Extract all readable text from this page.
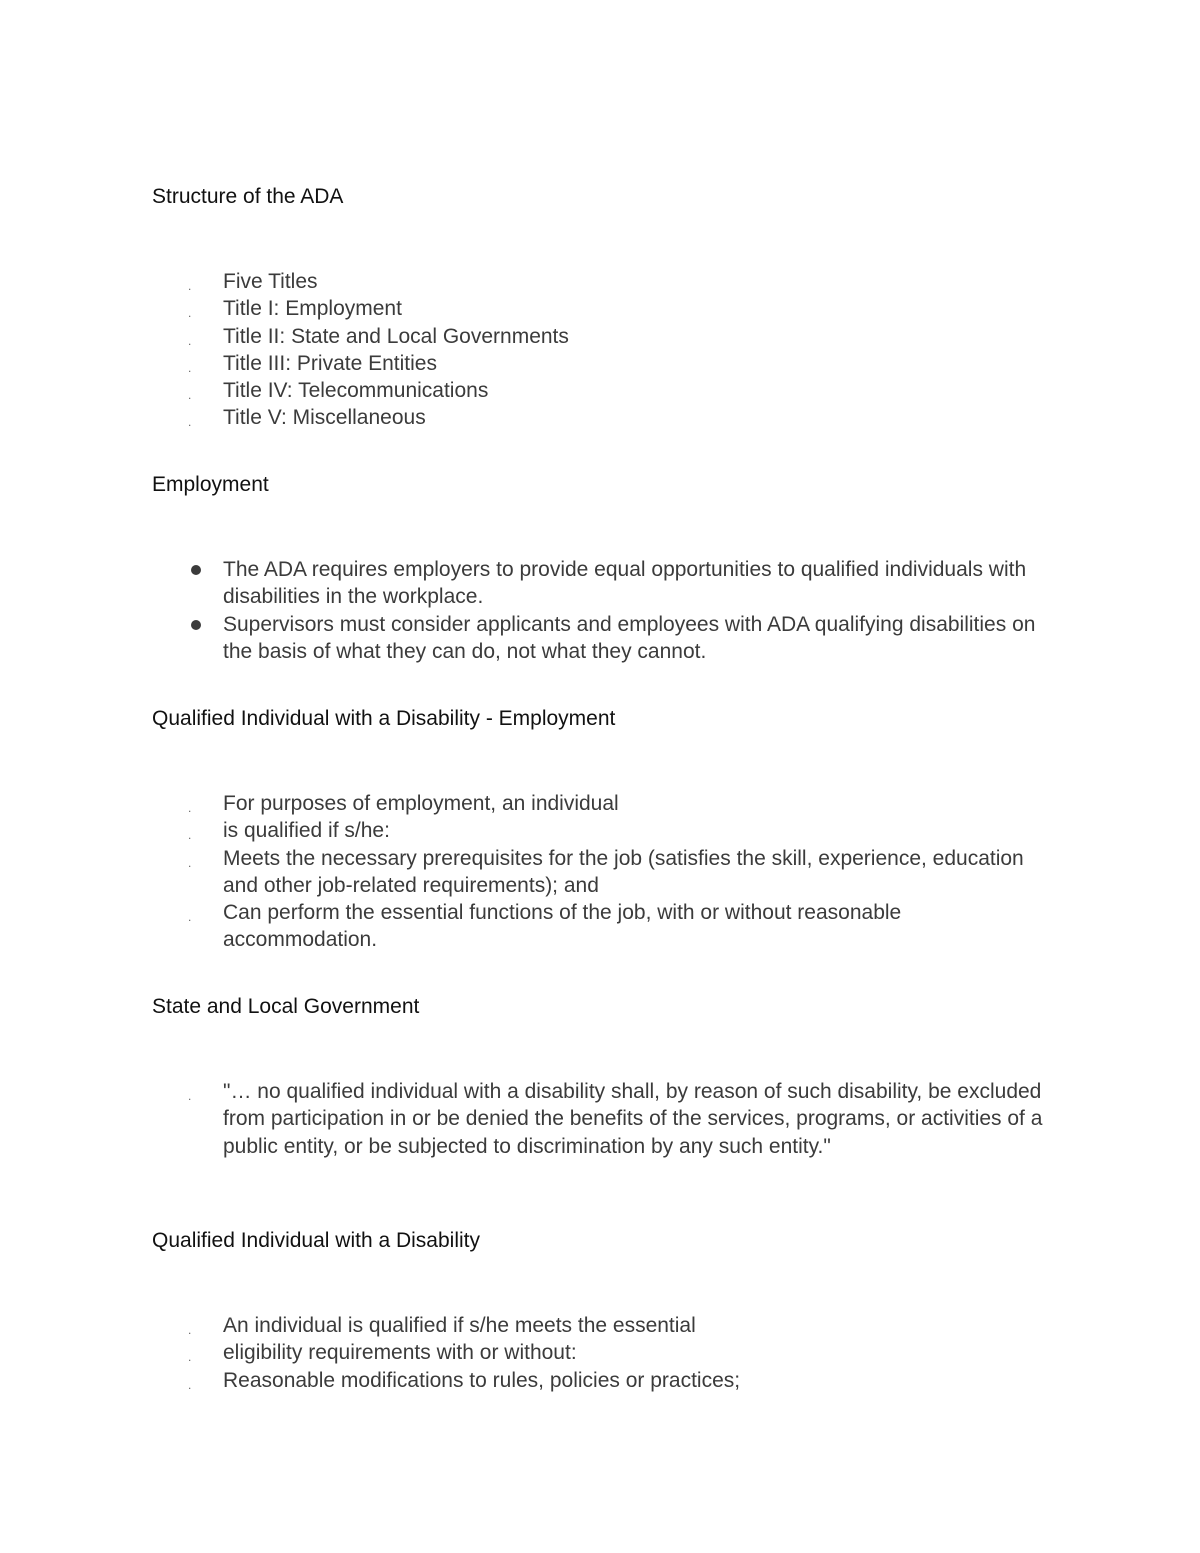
Structure of the ADA
. Five Titles
. Title I: Employment
. Title II: State and Local Governments
. Title III: Private Entities
. Title IV: Telecommunications
. Title V: Miscellaneous
Employment
The ADA requires employers to provide equal opportunities to qualified individuals with disabilities in the workplace.
Supervisors must consider applicants and employees with ADA qualifying disabilities on the basis of what they can do, not what they cannot.
Qualified Individual with a Disability - Employment
. For purposes of employment, an individual
. is qualified if s/he:
. Meets the necessary prerequisites for the job (satisfies the skill, experience, education and other job-related requirements); and
. Can perform the essential functions of the job, with or without reasonable accommodation.
State and Local Government
. "… no qualified individual with a disability shall, by reason of such disability, be excluded from participation in or be denied the benefits of the services, programs, or activities of a public entity, or be subjected to discrimination by any such entity."
Qualified Individual with a Disability
. An individual is qualified if s/he meets the essential
. eligibility requirements with or without:
. Reasonable modifications to rules, policies or practices;
